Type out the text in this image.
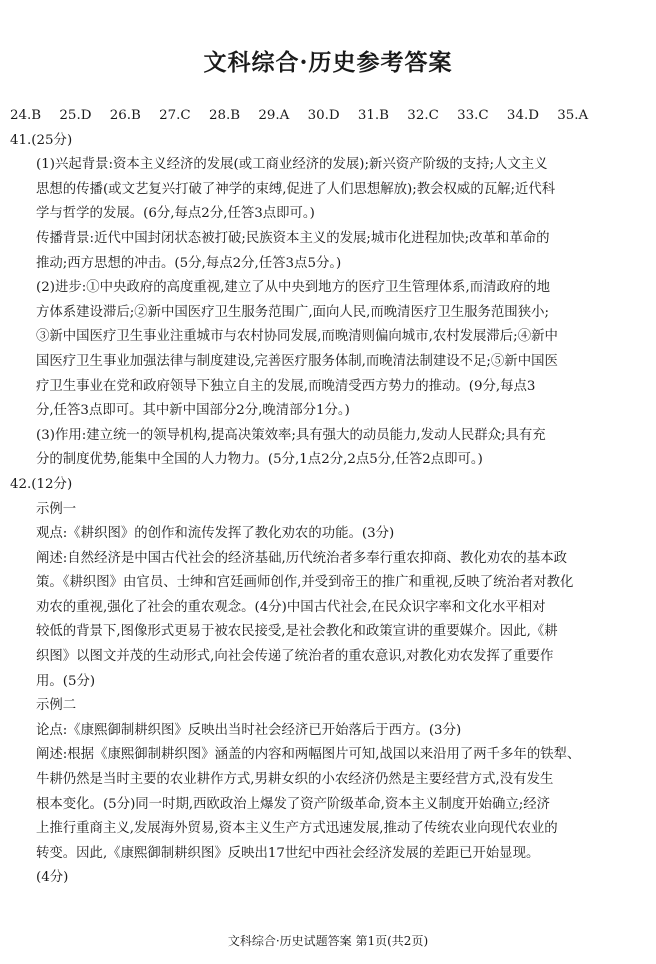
文科综合·历史参考答案
24.B 25.D 26.B 27.C 28.B 29.A 30.D 31.B 32.C 33.C 34.D 35.A
41.(25分)
(1)兴起背景:资本主义经济的发展(或工商业经济的发展);新兴资产阶级的支持;人文主义
思想的传播(或文艺复兴打破了神学的束缚,促进了人们思想解放);教会权威的瓦解;近代科
学与哲学的发展。(6分,每点2分,任答3点即可。)
传播背景:近代中国封闭状态被打破;民族资本主义的发展;城市化进程加快;改革和革命的
推动;西方思想的冲击。(5分,每点2分,任答3点5分。)
(2)进步:①中央政府的高度重视,建立了从中央到地方的医疗卫生管理体系,而清政府的地
方体系建设滞后;②新中国医疗卫生服务范围广,面向人民,而晚清医疗卫生服务范围狭小;
③新中国医疗卫生事业注重城市与农村协同发展,而晚清则偏向城市,农村发展滞后;④新中
国医疗卫生事业加强法律与制度建设,完善医疗服务体制,而晚清法制建设不足;⑤新中国医
疗卫生事业在党和政府领导下独立自主的发展,而晚清受西方势力的推动。(9分,每点3
分,任答3点即可。其中新中国部分2分,晚清部分1分。)
(3)作用:建立统一的领导机构,提高决策效率;具有强大的动员能力,发动人民群众;具有充
分的制度优势,能集中全国的人力物力。(5分,1点2分,2点5分,任答2点即可。)
42.(12分)
示例一
观点:《耕织图》的创作和流传发挥了教化劝农的功能。(3分)
阐述:自然经济是中国古代社会的经济基础,历代统治者多奉行重农抑商、教化劝农的基本政
策。《耕织图》由官员、士绅和宫廷画师创作,并受到帝王的推广和重视,反映了统治者对教化
劝农的重视,强化了社会的重农观念。(4分)中国古代社会,在民众识字率和文化水平相对
较低的背景下,图像形式更易于被农民接受,是社会教化和政策宣讲的重要媒介。因此,《耕
织图》以图文并茂的生动形式,向社会传递了统治者的重农意识,对教化劝农发挥了重要作
用。(5分)
示例二
论点:《康熙御制耕织图》反映出当时社会经济已开始落后于西方。(3分)
阐述:根据《康熙御制耕织图》涵盖的内容和两幅图片可知,战国以来沿用了两千多年的铁犁、
牛耕仍然是当时主要的农业耕作方式,男耕女织的小农经济仍然是主要经营方式,没有发生
根本变化。(5分)同一时期,西欧政治上爆发了资产阶级革命,资本主义制度开始确立;经济
上推行重商主义,发展海外贸易,资本主义生产方式迅速发展,推动了传统农业向现代农业的
转变。因此,《康熙御制耕织图》反映出17世纪中西社会经济发展的差距已开始显现。
(4分)
文科综合·历史试题答案 第1页(共2页)
